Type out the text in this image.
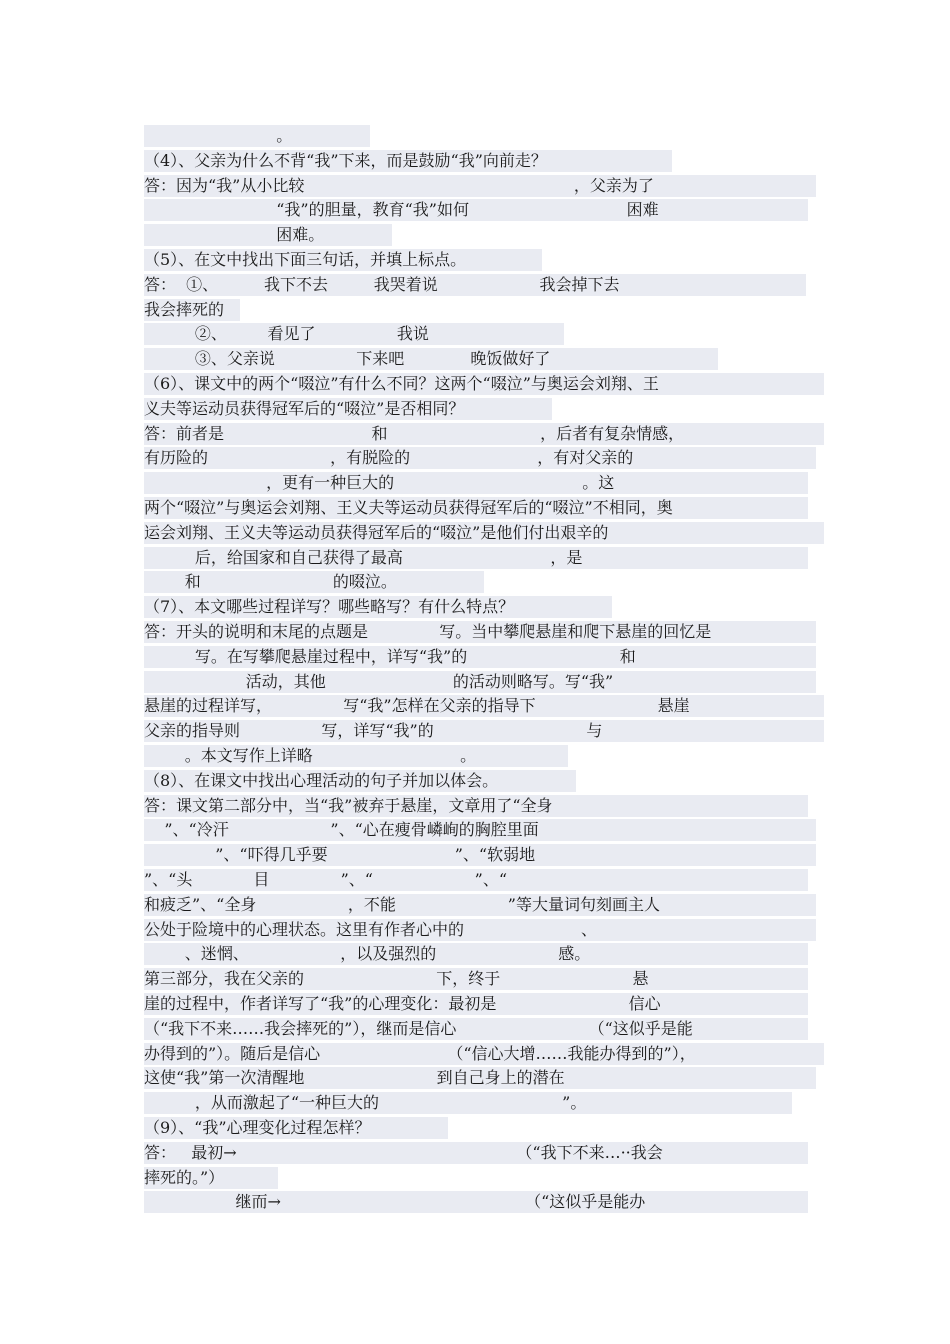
。
（4）、父亲为什么不背“我”下来，而是鼓励“我”向前走？
答：因为“我”从小比较                                                     ，父亲为了
“我”的胆量，教育“我”如何                               困难
困难。
（5）、在文中找出下面三句话，并填上标点。
答：  ①、         我下不去         我哭着说                    我会掉下去
我会摔死的
②、        看见了                我说
③、父亲说                下来吧             晚饭做好了
（6）、课文中的两个“啜泣”有什么不同？这两个“啜泣”与奥运会刘翔、王
义夫等运动员获得冠军后的“啜泣”是否相同？
答：前者是                             和                              ，后者有复杂情感，
有历险的                        ，有脱险的                         ，有对父亲的
，更有一种巨大的                                     。这
两个“啜泣”与奥运会刘翔、王义夫等运动员获得冠军后的“啜泣”不相同，奥
运会刘翔、王义夫等运动员获得冠军后的“啜泣”是他们付出艰辛的
后，给国家和自己获得了最高                             ，是
和                          的啜泣。
（7）、本文哪些过程详写？哪些略写？有什么特点？
答：开头的说明和末尾的点题是              写。当中攀爬悬崖和爬下悬崖的回忆是
写。在写攀爬悬崖过程中，详写“我”的                              和
活动，其他                         的活动则略写。写“我”
悬崖的过程详写，              写“我”怎样在父亲的指导下                        悬崖
父亲的指导则                写，详写“我”的                              与
。本文写作上详略                             。
（8）、在课文中找出心理活动的句子并加以体会。
答：课文第二部分中，当“我”被弃于悬崖，文章用了“全身
”、“冷汗                    ”、“心在瘦骨嶙峋的胸腔里面
”、“吓得几乎要                         ”、“软弱地
”、“头            目              ”、“                    ”、“
和疲乏”、“全身                  ，不能                      ”等大量词句刻画主人
公处于险境中的心理状态。这里有作者心中的                       、
、迷惘、                  ，以及强烈的                        感。
第三部分，我在父亲的                          下，终于                          悬
崖的过程中，作者详写了“我”的心理变化：最初是                          信心
（“我下不来……我会摔死的”），继而是信心                          （“这似乎是能
办得到的”）。随后是信心                         （“信心大增……我能办得到的”），
这使“我”第一次清醒地                          到自己身上的潜在
，从而激起了“一种巨大的                                    ”。
（9）、“我”心理变化过程怎样？
答：   最初→                                                       （“我下不来…··我会
摔死的。”）
继而→                                                （“这似乎是能办
